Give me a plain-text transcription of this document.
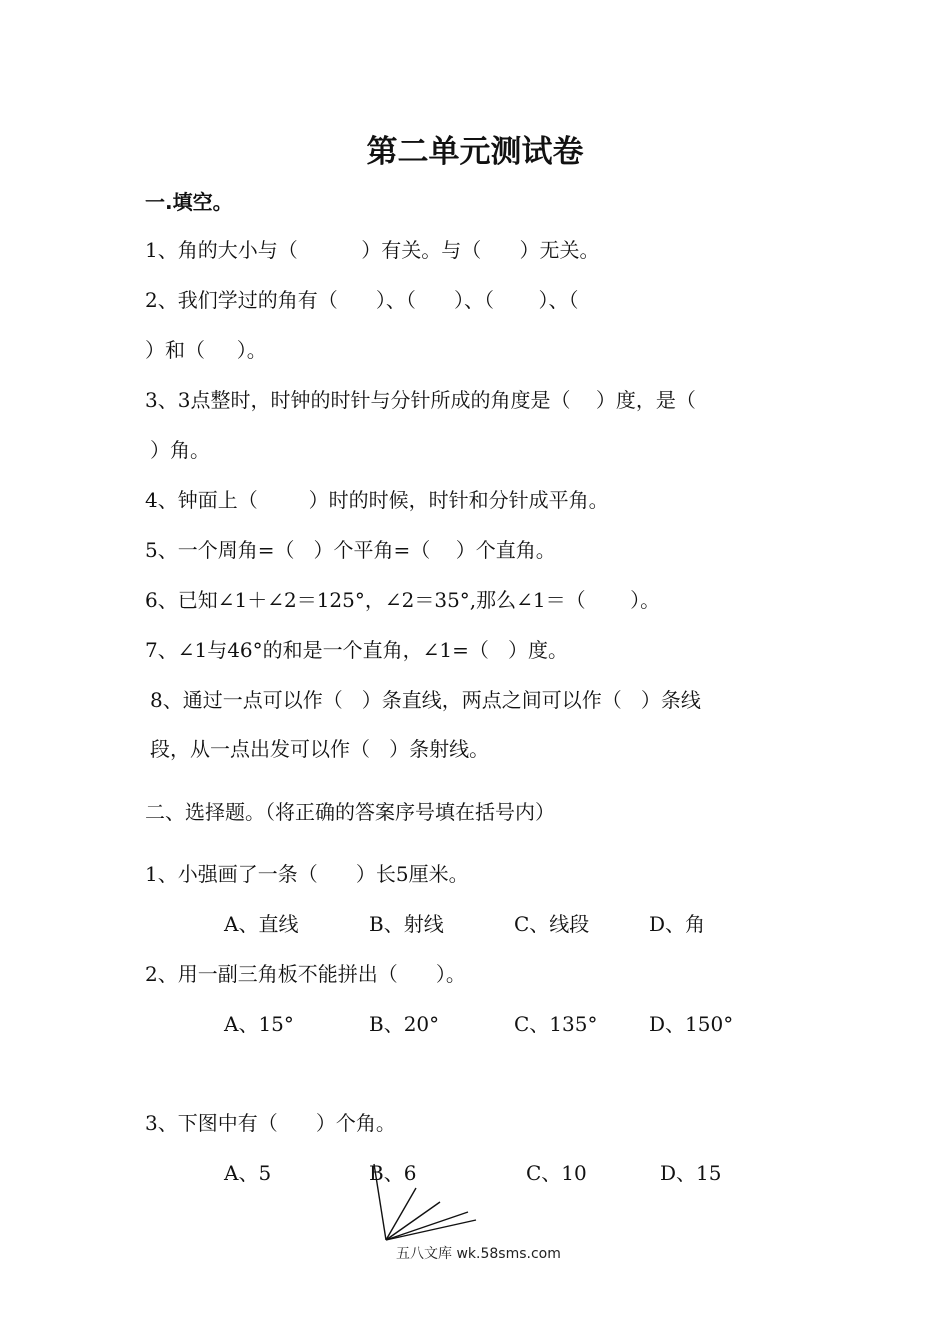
第二单元测试卷
一.填空。
1、角的大小与（          ）有关。与（      ）无关。
2、我们学过的角有（      ）、（      ）、（       ）、（
）和（     ）。
3、3点整时，时钟的时针与分针所成的角度是（    ）度，是（
）角。
4、钟面上（        ）时的时候，时针和分针成平角。
5、一个周角=（   ）个平角=（    ）个直角。
6、已知∠1＋∠2＝125°，∠2＝35°,那么∠1＝（       ）。
7、∠1与46°的和是一个直角，∠1=（   ）度。
8、通过一点可以作（   ）条直线，两点之间可以作（   ）条线
段，从一点出发可以作（   ）条射线。
二、选择题。（将正确的答案序号填在括号内）
1、小强画了一条（      ）长5厘米。
A、直线	B、射线	C、线段	D、角
2、用一副三角板不能拼出（      ）。
A、15°	B、20°	C、135°	D、150°
3、下图中有（      ）个角。
A、5	B、6	C、10	D、15
五八文库 wk.58sms.com
